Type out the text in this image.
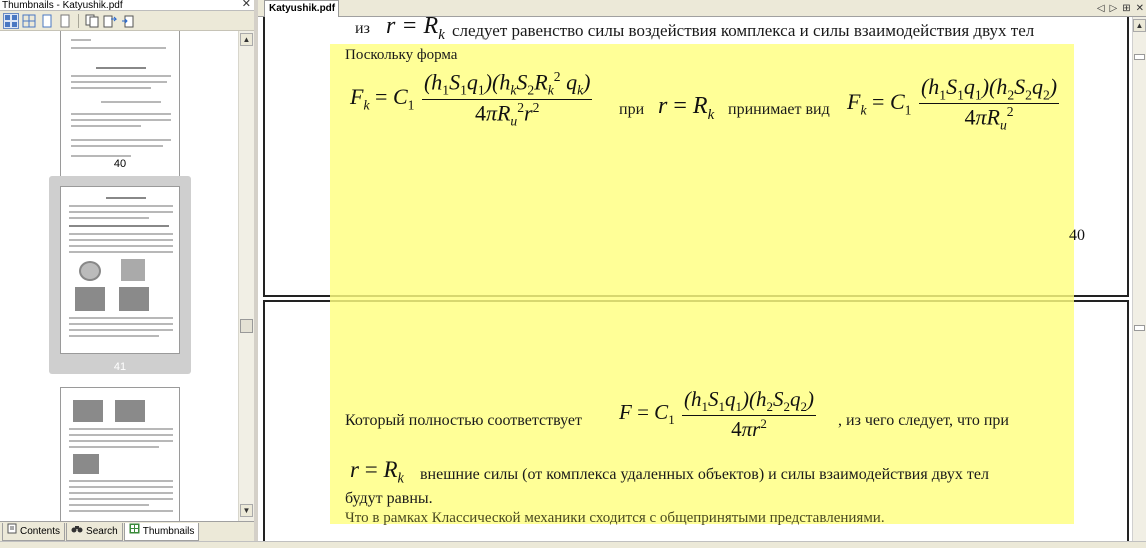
Thumbnails - Katyushik.pdf	✕
40
41
▲
▼
Contents	Search	Thumbnails
Katyushik.pdf	◁ ▷ ⊞ ✕
из $r = R_k$ следует равенство силы воздействия комплекса и силы взаимодействия двух тел
Поскольку форма
$F_k = C_1 \frac{(h_1S_1q_1)(h_kS_2R_k^2 q_k)}{4\pi R_u^2r^2}$ при $r = R_k$ принимает вид $F_k = C_1 \frac{(h_1S_1q_1)(h_2S_2q_2)}{4\pi R_u^2}$
40
Который полностью соответствует $F = C_1 \frac{(h_1S_1q_1)(h_2S_2q_2)}{4\pi r^2}$ , из чего следует, что при
$r = R_k$ внешние силы (от комплекса удаленных объектов) и силы взаимодействия двух тел
будут равны.
Что в рамках Классической механики сходится с общепринятыми представлениями.
▲
